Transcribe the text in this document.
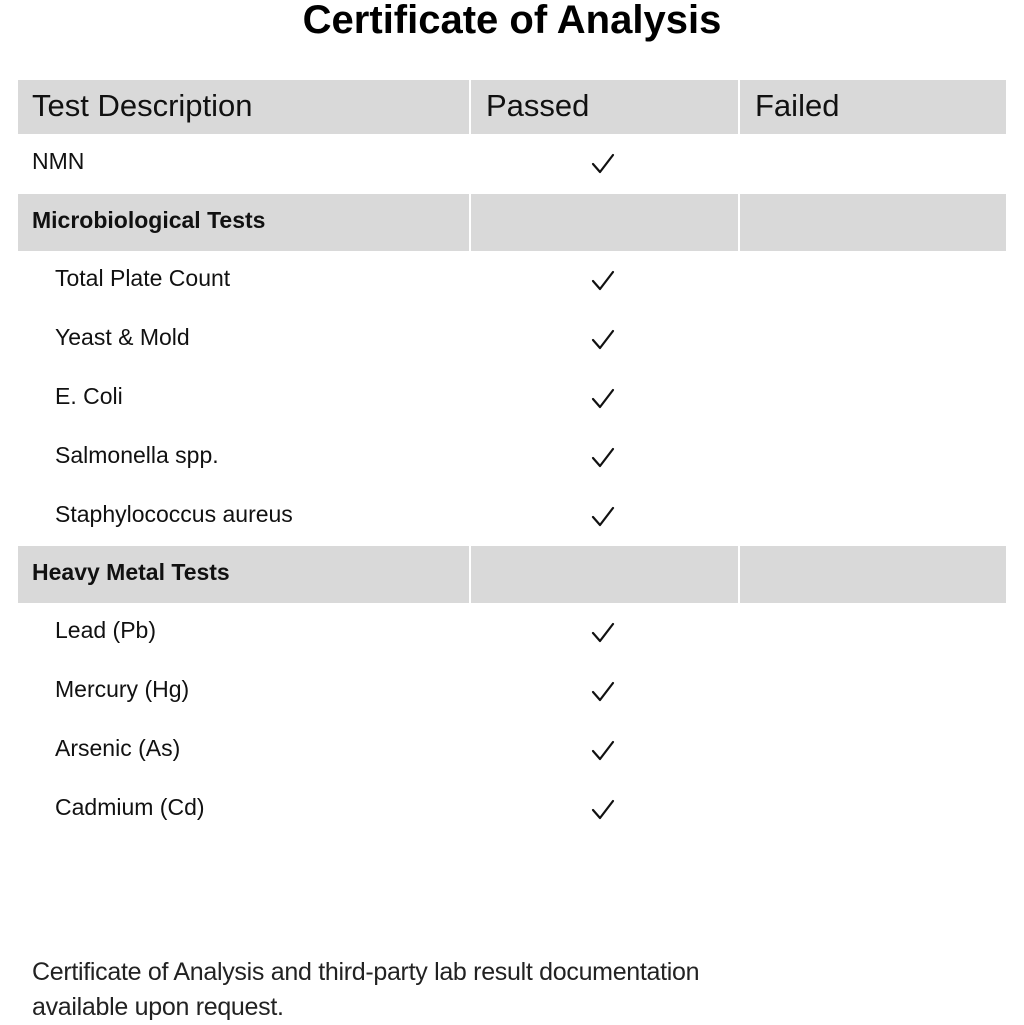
Certificate of Analysis
Test Description	Passed	Failed
NMN
Microbiological Tests
Total Plate Count
Yeast & Mold
E. Coli
Salmonella spp.
Staphylococcus aureus
Heavy Metal Tests
Lead (Pb)
Mercury (Hg)
Arsenic (As)
Cadmium (Cd)
Certificate of Analysis and third-party lab result documentation available upon request.
